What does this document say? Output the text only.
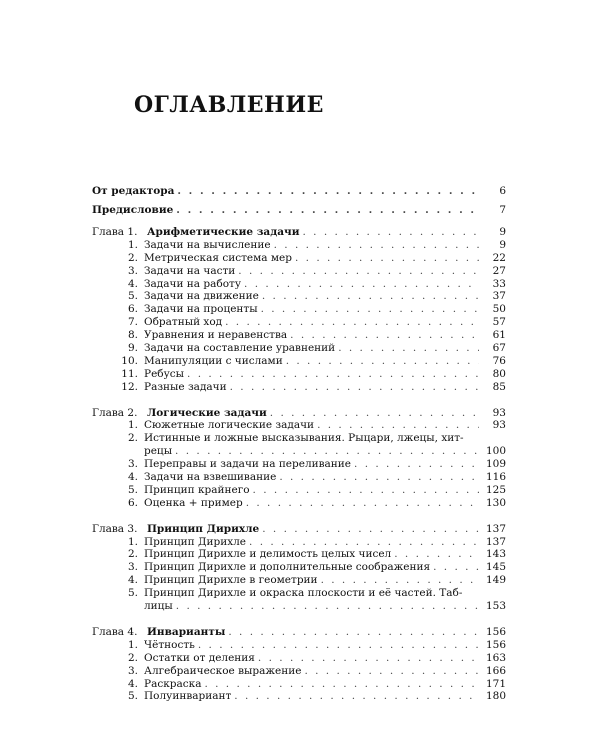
ОГЛАВЛЕНИЕ
От редактора . . .	6
Предисловие . . .	7
Глава 1. Арифметические задачи . . .	9
1. Задачи на вычисление . . .	9
2. Метрическая система мер . . .	22
3. Задачи на части . . .	27
4. Задачи на работу . . .	33
5. Задачи на движение . . .	37
6. Задачи на проценты . . .	50
7. Обратный ход . . .	57
8. Уравнения и неравенства . . .	61
9. Задачи на составление уравнений . . .	67
10. Манипуляции с числами . . .	76
11. Ребусы . . .	80
12. Разные задачи . . .	85
Глава 2. Логические задачи . . .	93
1. Сюжетные логические задачи . . .	93
2. Истинные и ложные высказывания. Рыцари, лжецы, хит-
рецы . . .	100
3. Переправы и задачи на переливание . . .	109
4. Задачи на взвешивание . . .	116
5. Принцип крайнего . . .	125
6. Оценка + пример . . .	130
Глава 3. Принцип Дирихле . . .	137
1. Принцип Дирихле . . .	137
2. Принцип Дирихле и делимость целых чисел . . .	143
3. Принцип Дирихле и дополнительные соображения . . .	145
4. Принцип Дирихле в геометрии . . .	149
5. Принцип Дирихле и окраска плоскости и её частей. Таб-
лицы . . .	153
Глава 4. Инварианты . . .	156
1. Чётность . . .	156
2. Остатки от деления . . .	163
3. Алгебраическое выражение . . .	166
4. Раскраска . . .	171
5. Полуинвариант . . .	180
